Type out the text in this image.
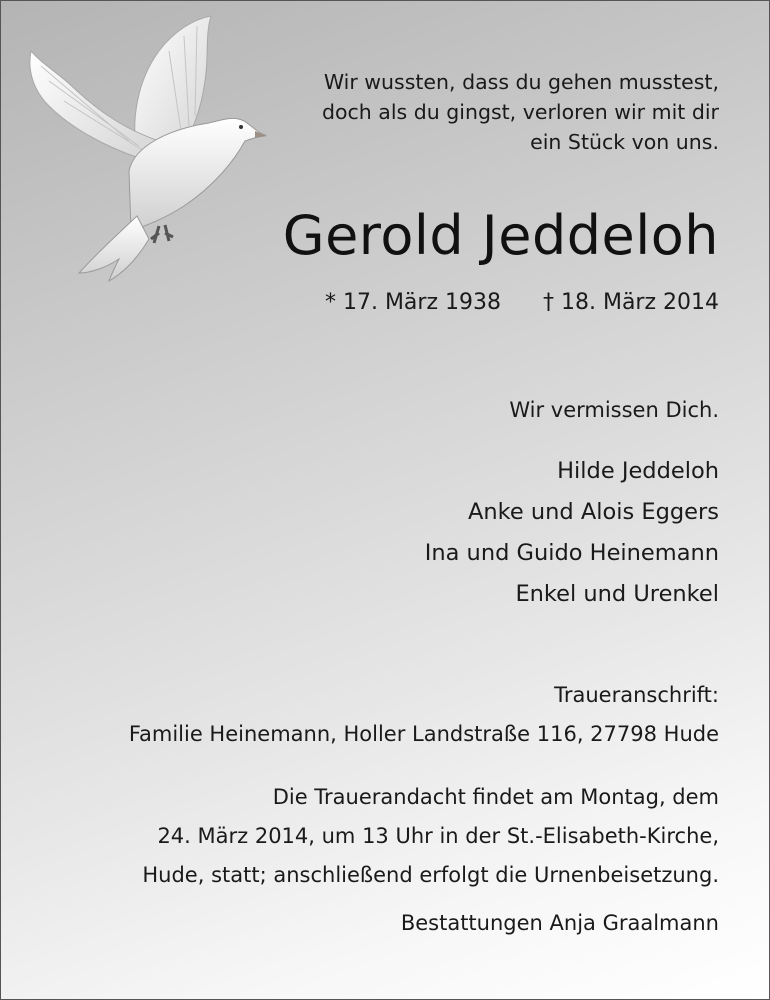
Wir wussten, dass du gehen musstest,
doch als du gingst, verloren wir mit dir
ein Stück von uns.
Gerold Jeddeloh
* 17. März 1938 † 18. März 2014
Wir vermissen Dich.
Hilde Jeddeloh
Anke und Alois Eggers
Ina und Guido Heinemann
Enkel und Urenkel
Traueranschrift:
Familie Heinemann, Holler Landstraße 116, 27798 Hude
Die Trauerandacht findet am Montag, dem
24. März 2014, um 13 Uhr in der St.-Elisabeth-Kirche,
Hude, statt; anschließend erfolgt die Urnenbeisetzung.
Bestattungen Anja Graalmann
